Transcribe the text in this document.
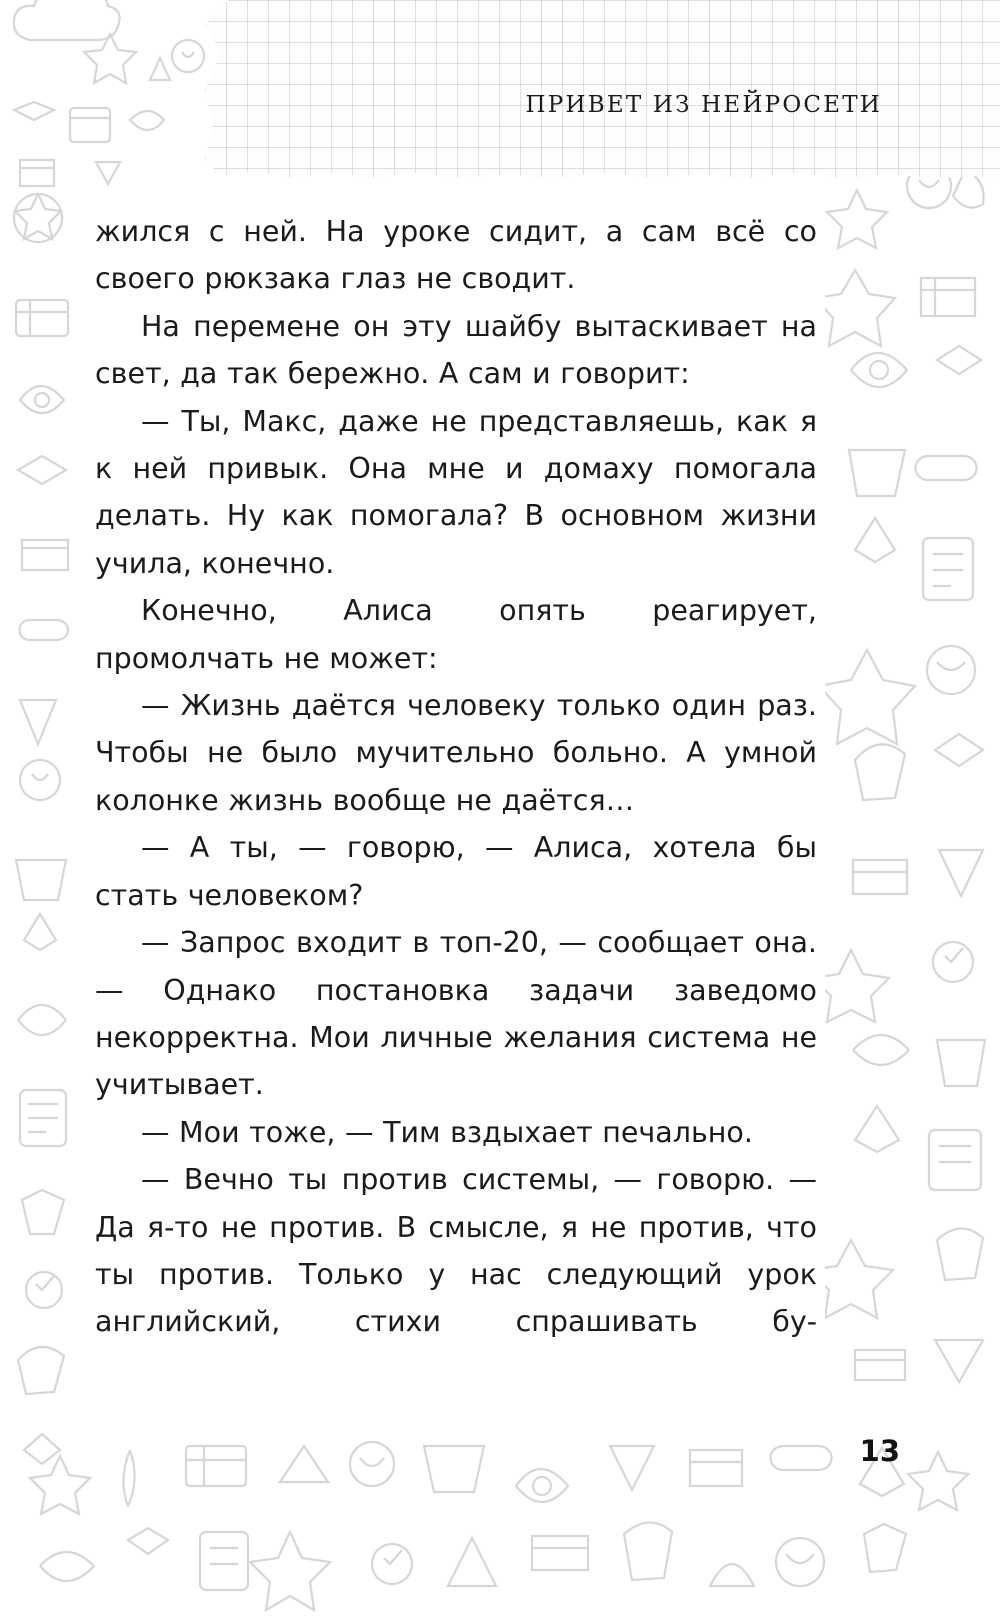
ПРИВЕТ ИЗ НЕЙРОСЕТИ

жился с ней. На уроке сидит, а сам всё со своего рюкзака глаз не сводит.

На перемене он эту шайбу вытаскивает на свет, да так бережно. А сам и говорит:

— Ты, Макс, даже не представляешь, как я к ней привык. Она мне и домаху помогала делать. Ну как помогала? В основном жизни учила, конечно.

Конечно, Алиса опять реагирует, промолчать не может:

— Жизнь даётся человеку только один раз. Чтобы не было мучительно больно. А умной колонке жизнь вообще не даётся…

— А ты, — говорю, — Алиса, хотела бы стать человеком?

— Запрос входит в топ-20, — сообщает она. — Однако постановка задачи заведомо некорректна. Мои личные желания система не учитывает.

— Мои тоже, — Тим вздыхает печально.

— Вечно ты против системы, — говорю. — Да я-то не против. В смысле, я не против, что ты против. Только у нас следующий урок английский, стихи спрашивать бу-

13
